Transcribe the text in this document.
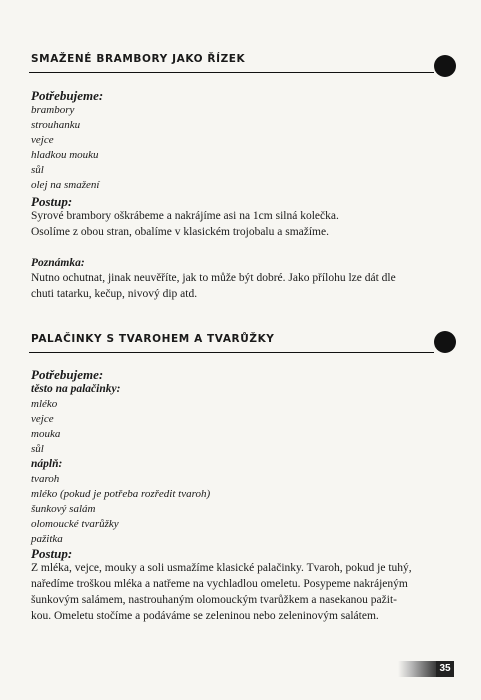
SMAŽENÉ BRAMBORY JAKO ŘÍZEK
Potřebujeme:
brambory
strouhanku
vejce
hladkou mouku
sůl
olej na smažení
Postup:
Syrové brambory oškrábeme a nakrájíme asi na 1cm silná kolečka.
Osolíme z obou stran, obalíme v klasickém trojobalu a smažíme.
Poznámka:
Nutno ochutnat, jinak neuvěříte, jak to může být dobré. Jako přílohu lze dát dle
chuti tatarku, kečup, nivový dip atd.
PALAČINKY S TVAROHEM A TVARŮŽKY
Potřebujeme:
těsto na palačinky:
mléko
vejce
mouka
sůl
náplň:
tvaroh
mléko (pokud je potřeba rozředit tvaroh)
šunkový salám
olomoucké tvarůžky
pažitka
Postup:
Z mléka, vejce, mouky a soli usmažíme klasické palačinky. Tvaroh, pokud je tuhý,
naředíme troškou mléka a natřeme na vychladlou omeletu. Posypeme nakrájeným
šunkovým salámem, nastrouhaným olomouckým tvarůžkem a nasekanou pažit-
kou. Omeletu stočíme a podáváme se zeleninou nebo zeleninovým salátem.
35
